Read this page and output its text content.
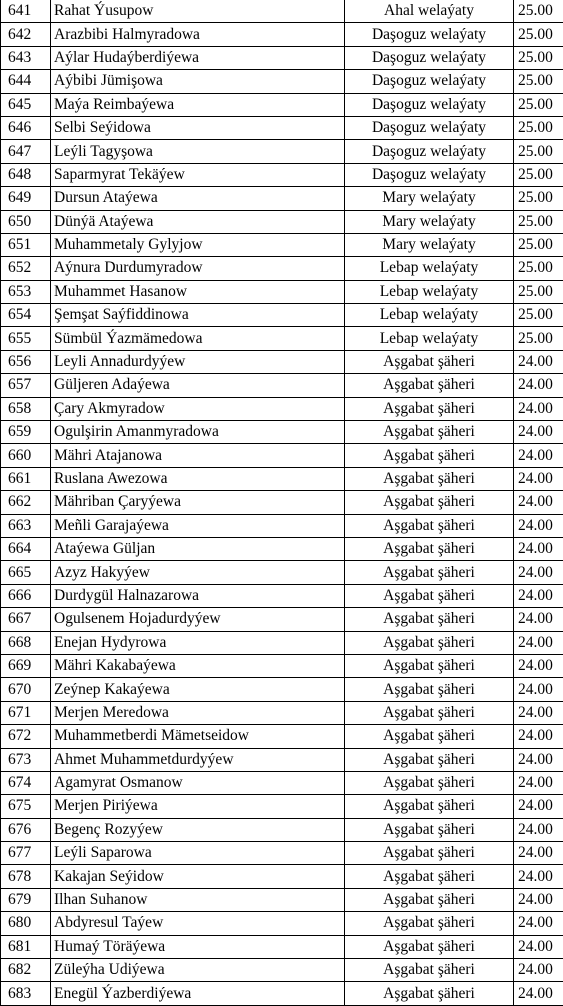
641	Rahat Ýusupow	Ahal welaýaty	25.00
642	Arazbibi Halmyradowa	Daşoguz welaýaty	25.00
643	Aýlar Hudaýberdiýewa	Daşoguz welaýaty	25.00
644	Aýbibi Jümişowa	Daşoguz welaýaty	25.00
645	Maýa Reimbaýewa	Daşoguz welaýaty	25.00
646	Selbi Seýidowa	Daşoguz welaýaty	25.00
647	Leýli Tagyşowa	Daşoguz welaýaty	25.00
648	Saparmyrat Tekäýew	Daşoguz welaýaty	25.00
649	Dursun Ataýewa	Mary welaýaty	25.00
650	Dünýä Ataýewa	Mary welaýaty	25.00
651	Muhammetaly Gylyjow	Mary welaýaty	25.00
652	Aýnura Durdumyradow	Lebap welaýaty	25.00
653	Muhammet Hasanow	Lebap welaýaty	25.00
654	Şemşat Saýfiddinowa	Lebap welaýaty	25.00
655	Sümbül Ýazmämedowa	Lebap welaýaty	25.00
656	Leyli Annadurdyýew	Aşgabat şäheri	24.00
657	Güljeren Adaýewa	Aşgabat şäheri	24.00
658	Çary Akmyradow	Aşgabat şäheri	24.00
659	Ogulşirin Amanmyradowa	Aşgabat şäheri	24.00
660	Mähri Atajanowa	Aşgabat şäheri	24.00
661	Ruslana Awezowa	Aşgabat şäheri	24.00
662	Mähriban Çaryýewa	Aşgabat şäheri	24.00
663	Meñli Garajaýewa	Aşgabat şäheri	24.00
664	Ataýewa Güljan	Aşgabat şäheri	24.00
665	Azyz Hakyýew	Aşgabat şäheri	24.00
666	Durdygül Halnazarowa	Aşgabat şäheri	24.00
667	Ogulsenem Hojadurdyýew	Aşgabat şäheri	24.00
668	Enejan Hydyrowa	Aşgabat şäheri	24.00
669	Mähri Kakabaýewa	Aşgabat şäheri	24.00
670	Zeýnep Kakaýewa	Aşgabat şäheri	24.00
671	Merjen Meredowa	Aşgabat şäheri	24.00
672	Muhammetberdi Mämetseidow	Aşgabat şäheri	24.00
673	Ahmet Muhammetdurdyýew	Aşgabat şäheri	24.00
674	Agamyrat Osmanow	Aşgabat şäheri	24.00
675	Merjen Piriýewa	Aşgabat şäheri	24.00
676	Begenç Rozyýew	Aşgabat şäheri	24.00
677	Leýli Saparowa	Aşgabat şäheri	24.00
678	Kakajan Seýidow	Aşgabat şäheri	24.00
679	Ilhan Suhanow	Aşgabat şäheri	24.00
680	Abdyresul Taýew	Aşgabat şäheri	24.00
681	Humaý Töräýewa	Aşgabat şäheri	24.00
682	Züleýha Udiýewa	Aşgabat şäheri	24.00
683	Enegül Ýazberdiýewa	Aşgabat şäheri	24.00
